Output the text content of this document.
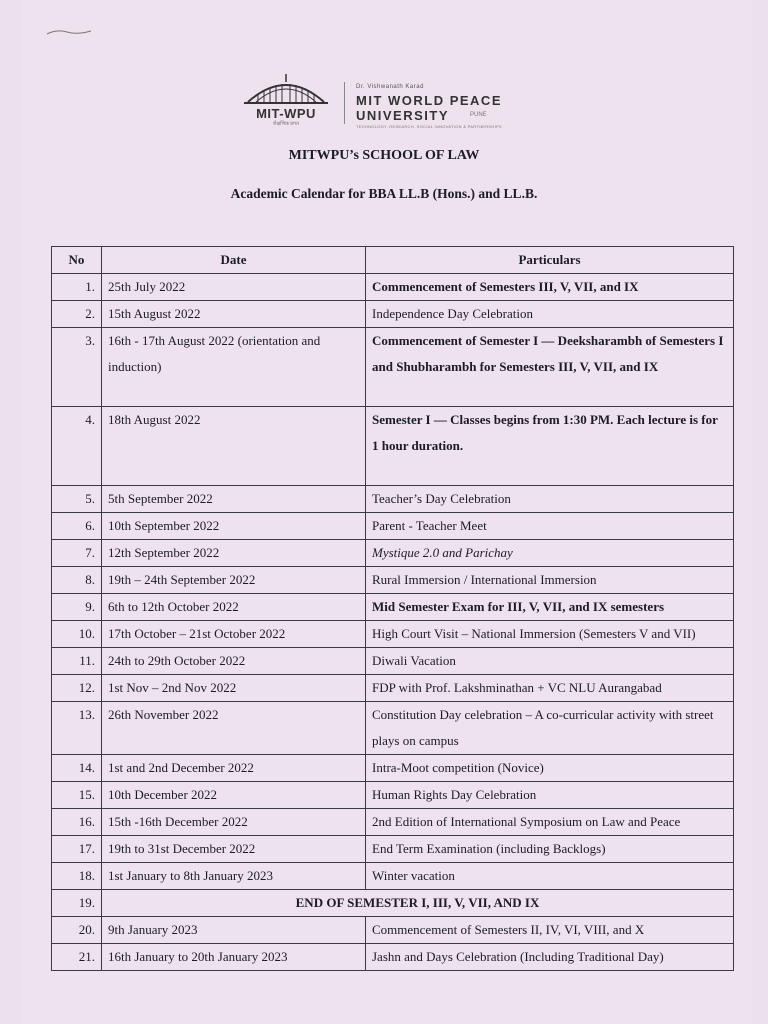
MIT-WPU
शैक्षणिक प्रगत
Dr. Vishwanath Karad
MIT WORLD PEACE
UNIVERSITY	PUNE
TECHNOLOGY, RESEARCH, SOCIAL INNOVATION & PARTNERSHIPS
MITWPU’s SCHOOL OF LAW
Academic Calendar for BBA LL.B (Hons.) and LL.B.
No	Date	Particulars
1.	25th July 2022	Commencement of Semesters III, V, VII, and IX
2.	15th August 2022	Independence Day Celebration
3.	16th - 17th August 2022 (orientation and induction)	Commencement of Semester I — Deeksharambh of Semesters I and Shubharambh for Semesters III, V, VII, and IX
4.	18th August 2022	Semester I — Classes begins from 1:30 PM. Each lecture is for 1 hour duration.
5.	5th September 2022	Teacher’s Day Celebration
6.	10th September 2022	Parent - Teacher Meet
7.	12th September 2022	Mystique 2.0 and Parichay
8.	19th – 24th September 2022	Rural Immersion / International Immersion
9.	6th to 12th October 2022	Mid Semester Exam for III, V, VII, and IX semesters
10.	17th October – 21st October 2022	High Court Visit – National Immersion (Semesters V and VII)
11.	24th to 29th October 2022	Diwali Vacation
12.	1st Nov – 2nd Nov 2022	FDP with Prof. Lakshminathan + VC NLU Aurangabad
13.	26th November 2022	Constitution Day celebration – A co-curricular activity with street plays on campus
14.	1st and 2nd December 2022	Intra-Moot competition (Novice)
15.	10th December 2022	Human Rights Day Celebration
16.	15th -16th December 2022	2nd Edition of International Symposium on Law and Peace
17.	19th to 31st December 2022	End Term Examination (including Backlogs)
18.	1st January to 8th January 2023	Winter vacation
19.	END OF SEMESTER I, III, V, VII, AND IX	
20.	9th January 2023	Commencement of Semesters II, IV, VI, VIII, and X
21.	16th January to 20th January 2023	Jashn and Days Celebration (Including Traditional Day)
